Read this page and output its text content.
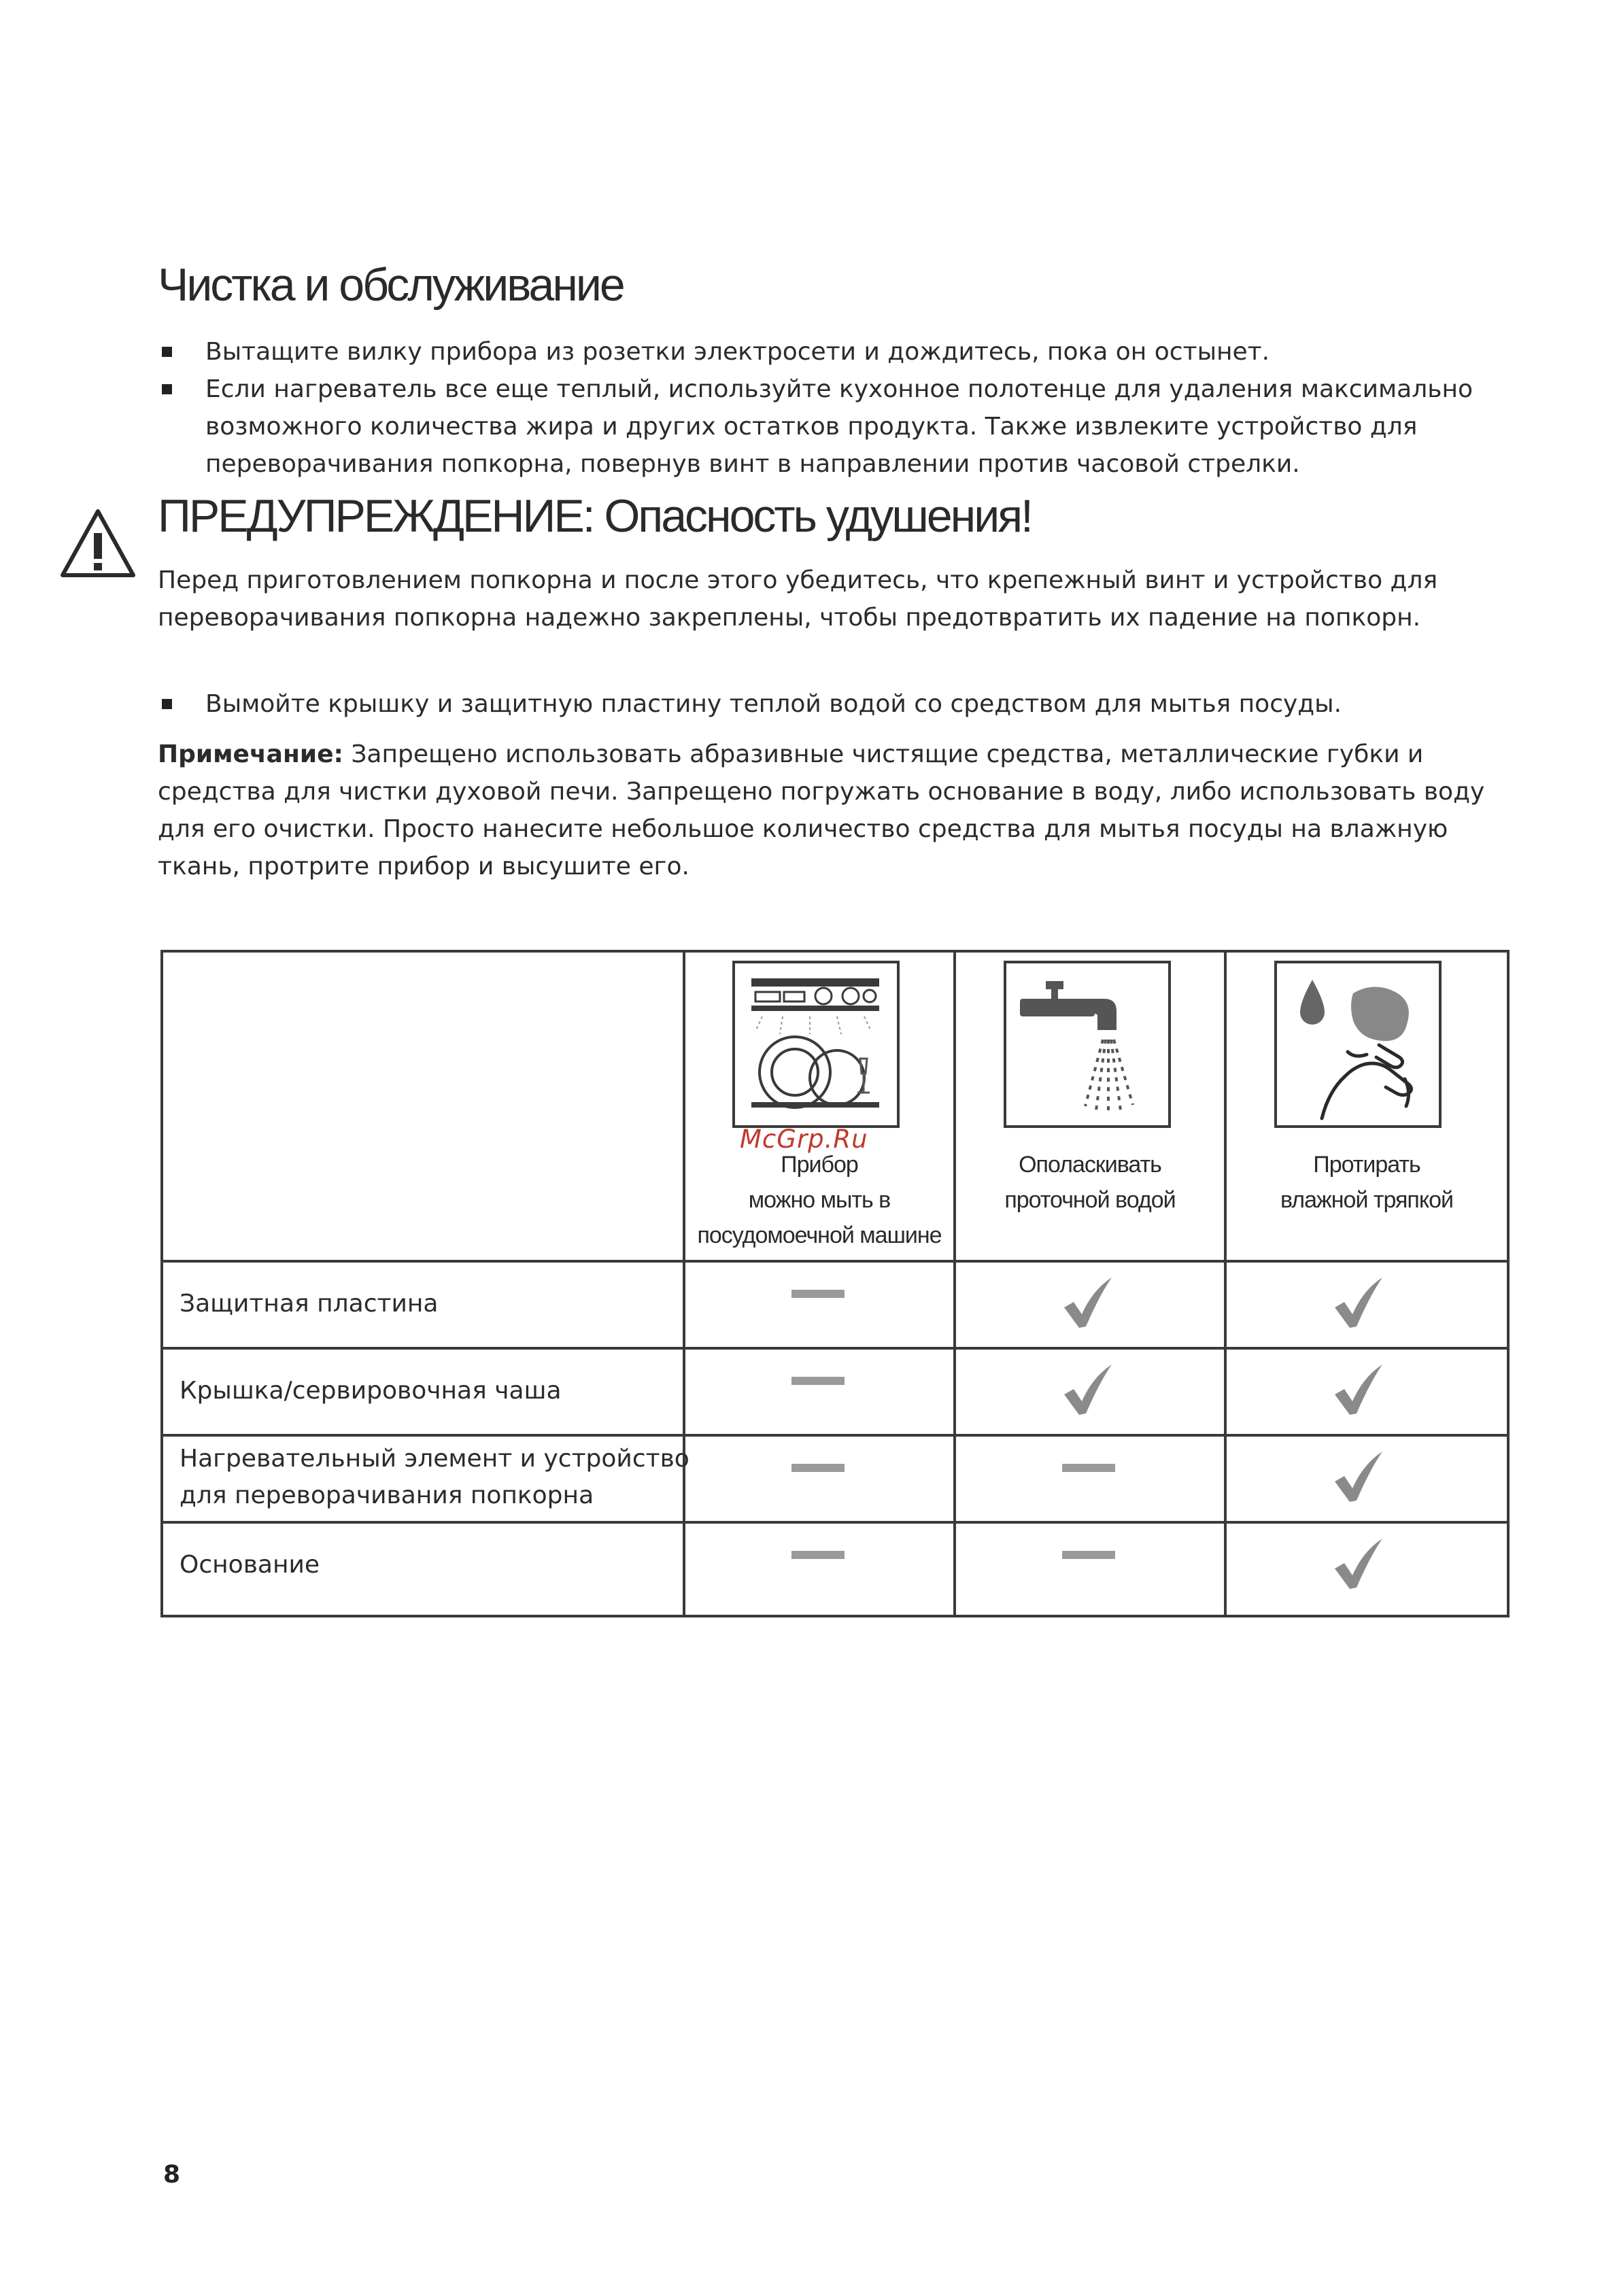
Чистка и обслуживание
Вытащите вилку прибора из розетки электросети и дождитесь, пока он остынет.
Если нагреватель все еще теплый, используйте кухонное полотенце для удаления максимально возможного количества жира и других остатков продукта. Также извлеките устройство для переворачивания попкорна, повернув винт в направлении против часовой стрелки.
ПРЕДУПРЕЖДЕНИЕ: Опасность удушения!
Перед приготовлением попкорна и после этого убедитесь, что крепежный винт и устройство для переворачивания попкорна надежно закреплены, чтобы предотвратить их падение на попкорн.
Вымойте крышку и защитную пластину теплой водой со средством для мытья посуды.
Примечание: Запрещено использовать абразивные чистящие средства, металлические губки и средства для чистки духовой печи. Запрещено погружать основание в воду, либо использовать воду для его очистки. Просто нанесите небольшое количество средства для мытья посуды на влажную ткань, протрите прибор и высушите его.
Прибор
можно мыть в
посудомоечной машине
Ополаскивать
проточной водой
Протирать
влажной тряпкой
Защитная пластина
Крышка/сервировочная чаша
Нагревательный элемент и устройство
для переворачивания попкорна
Основание
McGrp.Ru
8
